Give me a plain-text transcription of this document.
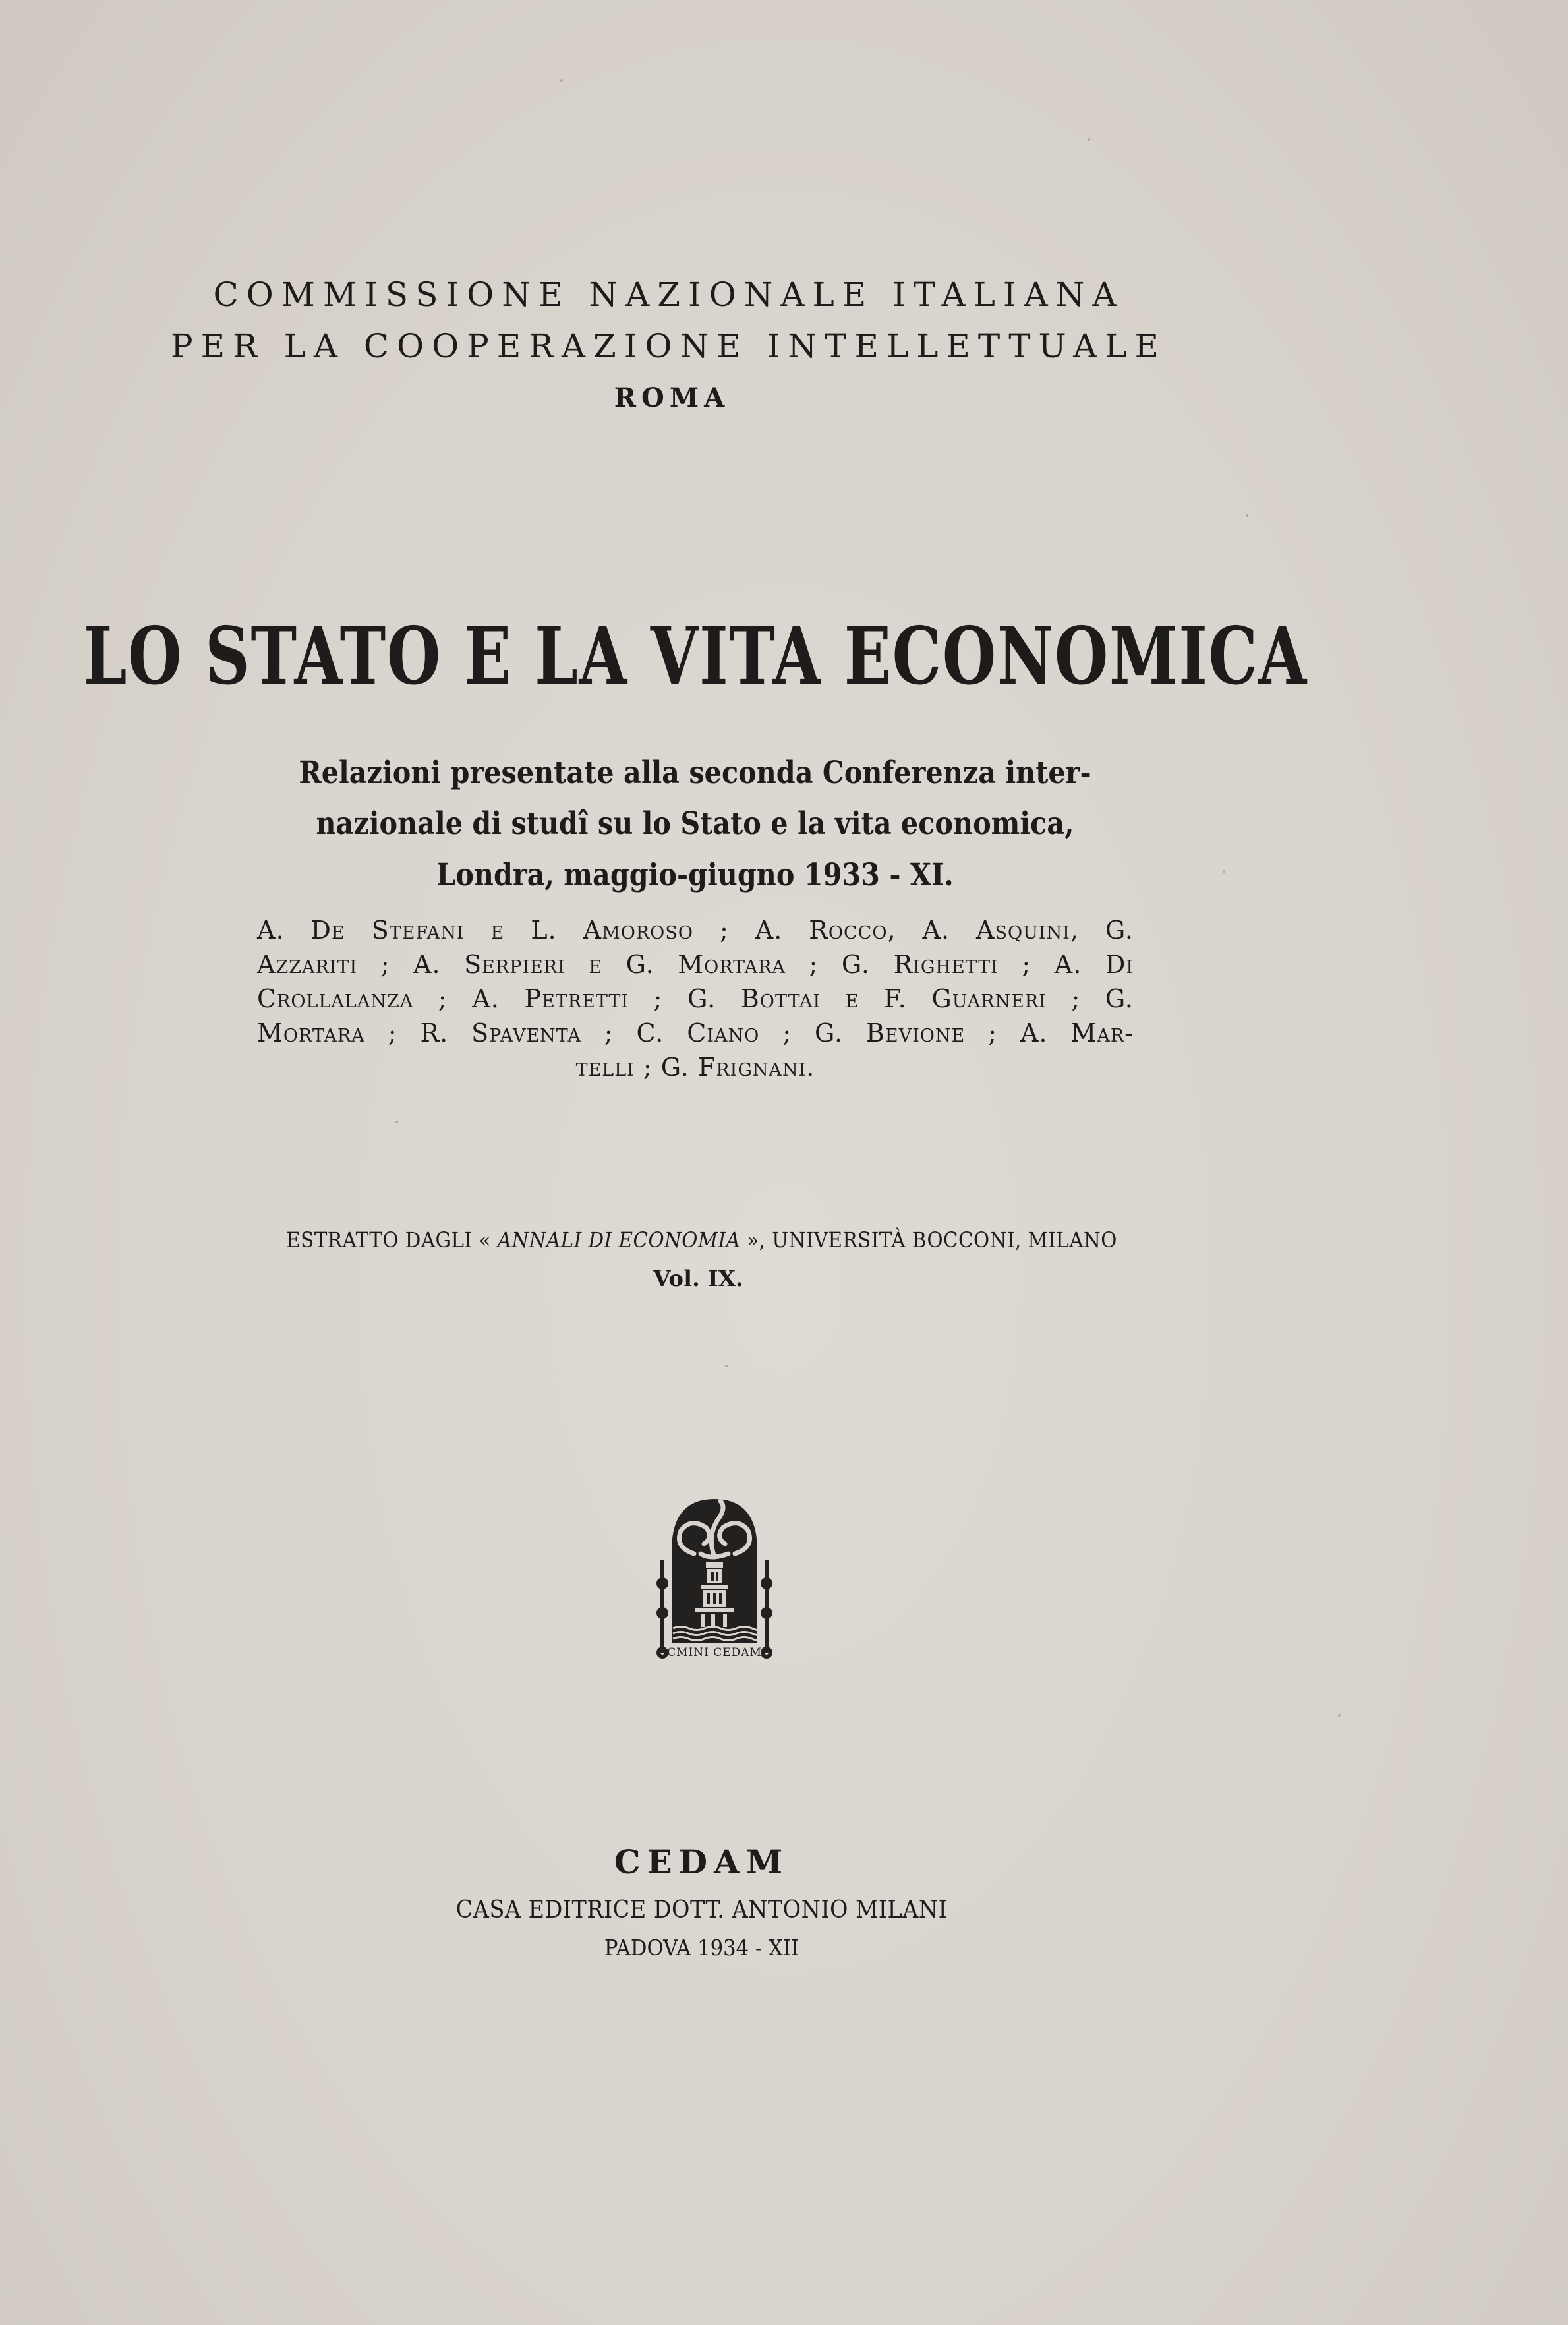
COMMISSIONE NAZIONALE ITALIANA
PER LA COOPERAZIONE INTELLETTUALE
ROMA
LO STATO E LA VITA ECONOMICA
Relazioni presentate alla seconda Conferenza inter-
nazionale di studî su lo Stato e la vita economica,
Londra, maggio-giugno 1933 - XI.
A. De Stefani e L. Amoroso ; A. Rocco, A. Asquini, G.
Azzariti ; A. Serpieri e G. Mortara ; G. Righetti ; A. Di
Crollalanza ; A. Petretti ; G. Bottai e F. Guarneri ; G.
Mortara ; R. Spaventa ; C. Ciano ; G. Bevione ; A. Mar-
telli ; G. Frignani.
ESTRATTO DAGLI « ANNALI DI ECONOMIA », UNIVERSITÀ BOCCONI, MILANO
Vol. IX.
CMINI CEDAM
CEDAM
CASA EDITRICE DOTT. ANTONIO MILANI
PADOVA 1934 - XII
